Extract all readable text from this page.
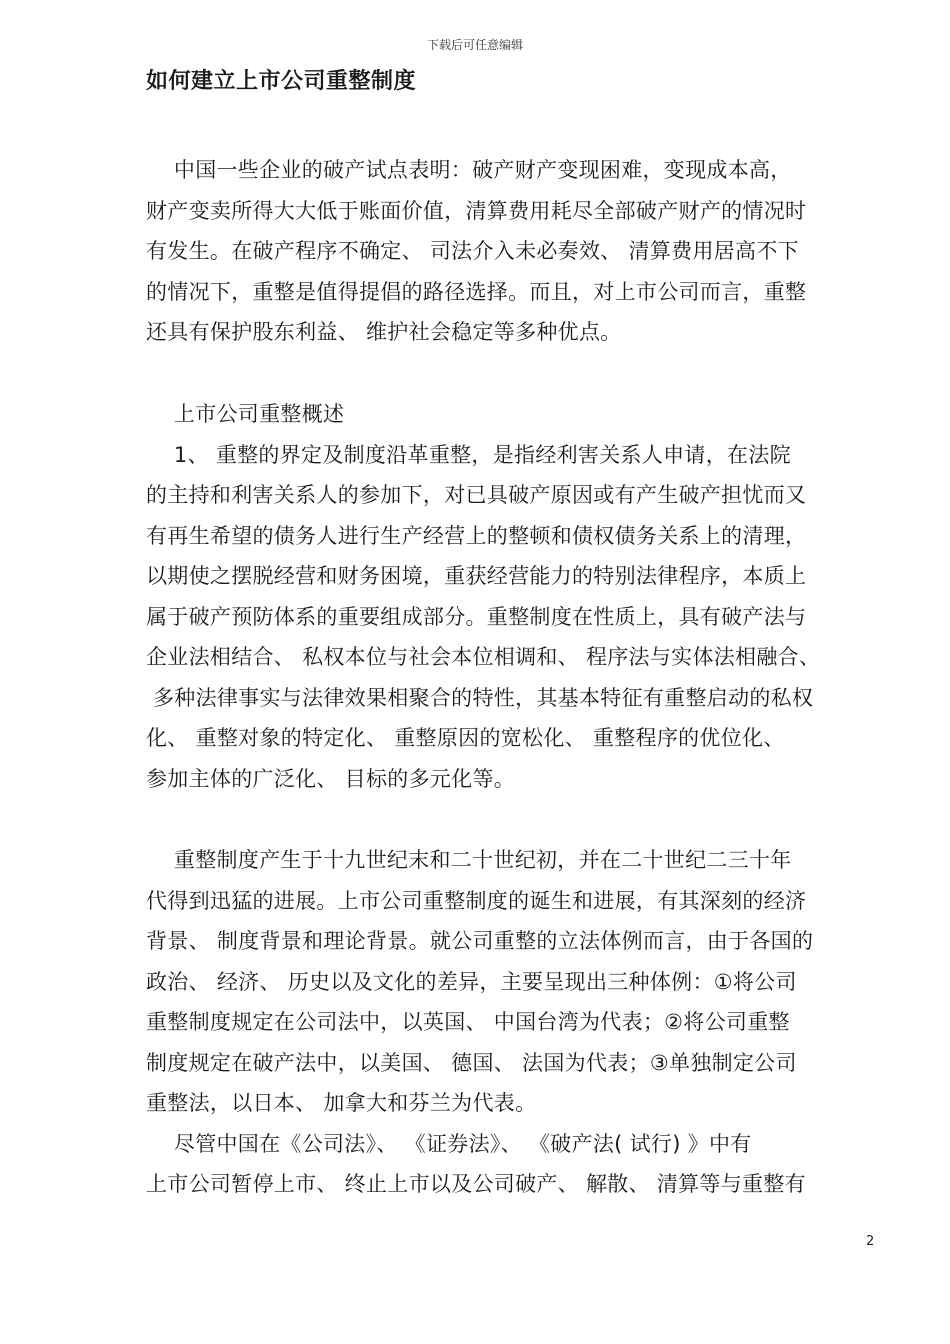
下载后可任意编辑
如何建立上市公司重整制度
中国一些企业的破产试点表明：破产财产变现困难，变现成本高，
财产变卖所得大大低于账面价值，清算费用耗尽全部破产财产的情况时
有发生。在破产程序不确定、 司法介入未必奏效、 清算费用居高不下
的情况下，重整是值得提倡的路径选择。而且，对上市公司而言，重整
还具有保护股东利益、 维护社会稳定等多种优点。
上市公司重整概述
1、 重整的界定及制度沿革重整，是指经利害关系人申请，在法院
的主持和利害关系人的参加下，对已具破产原因或有产生破产担忧而又
有再生希望的债务人进行生产经营上的整顿和债权债务关系上的清理，
以期使之摆脱经营和财务困境，重获经营能力的特别法律程序，本质上
属于破产预防体系的重要组成部分。重整制度在性质上，具有破产法与
企业法相结合、 私权本位与社会本位相调和、 程序法与实体法相融合、
多种法律事实与法律效果相聚合的特性，其基本特征有重整启动的私权
化、 重整对象的特定化、 重整原因的宽松化、 重整程序的优位化、
参加主体的广泛化、 目标的多元化等。
重整制度产生于十九世纪末和二十世纪初，并在二十世纪二三十年
代得到迅猛的进展。上市公司重整制度的诞生和进展，有其深刻的经济
背景、 制度背景和理论背景。就公司重整的立法体例而言，由于各国的
政治、 经济、 历史以及文化的差异，主要呈现出三种体例：①将公司
重整制度规定在公司法中，以英国、 中国台湾为代表；②将公司重整
制度规定在破产法中，以美国、 德国、 法国为代表；③单独制定公司
重整法，以日本、 加拿大和芬兰为代表。
尽管中国在《公司法》、 《证券法》、 《破产法( 试行) 》中有
上市公司暂停上市、 终止上市以及公司破产、 解散、 清算等与重整有
2
